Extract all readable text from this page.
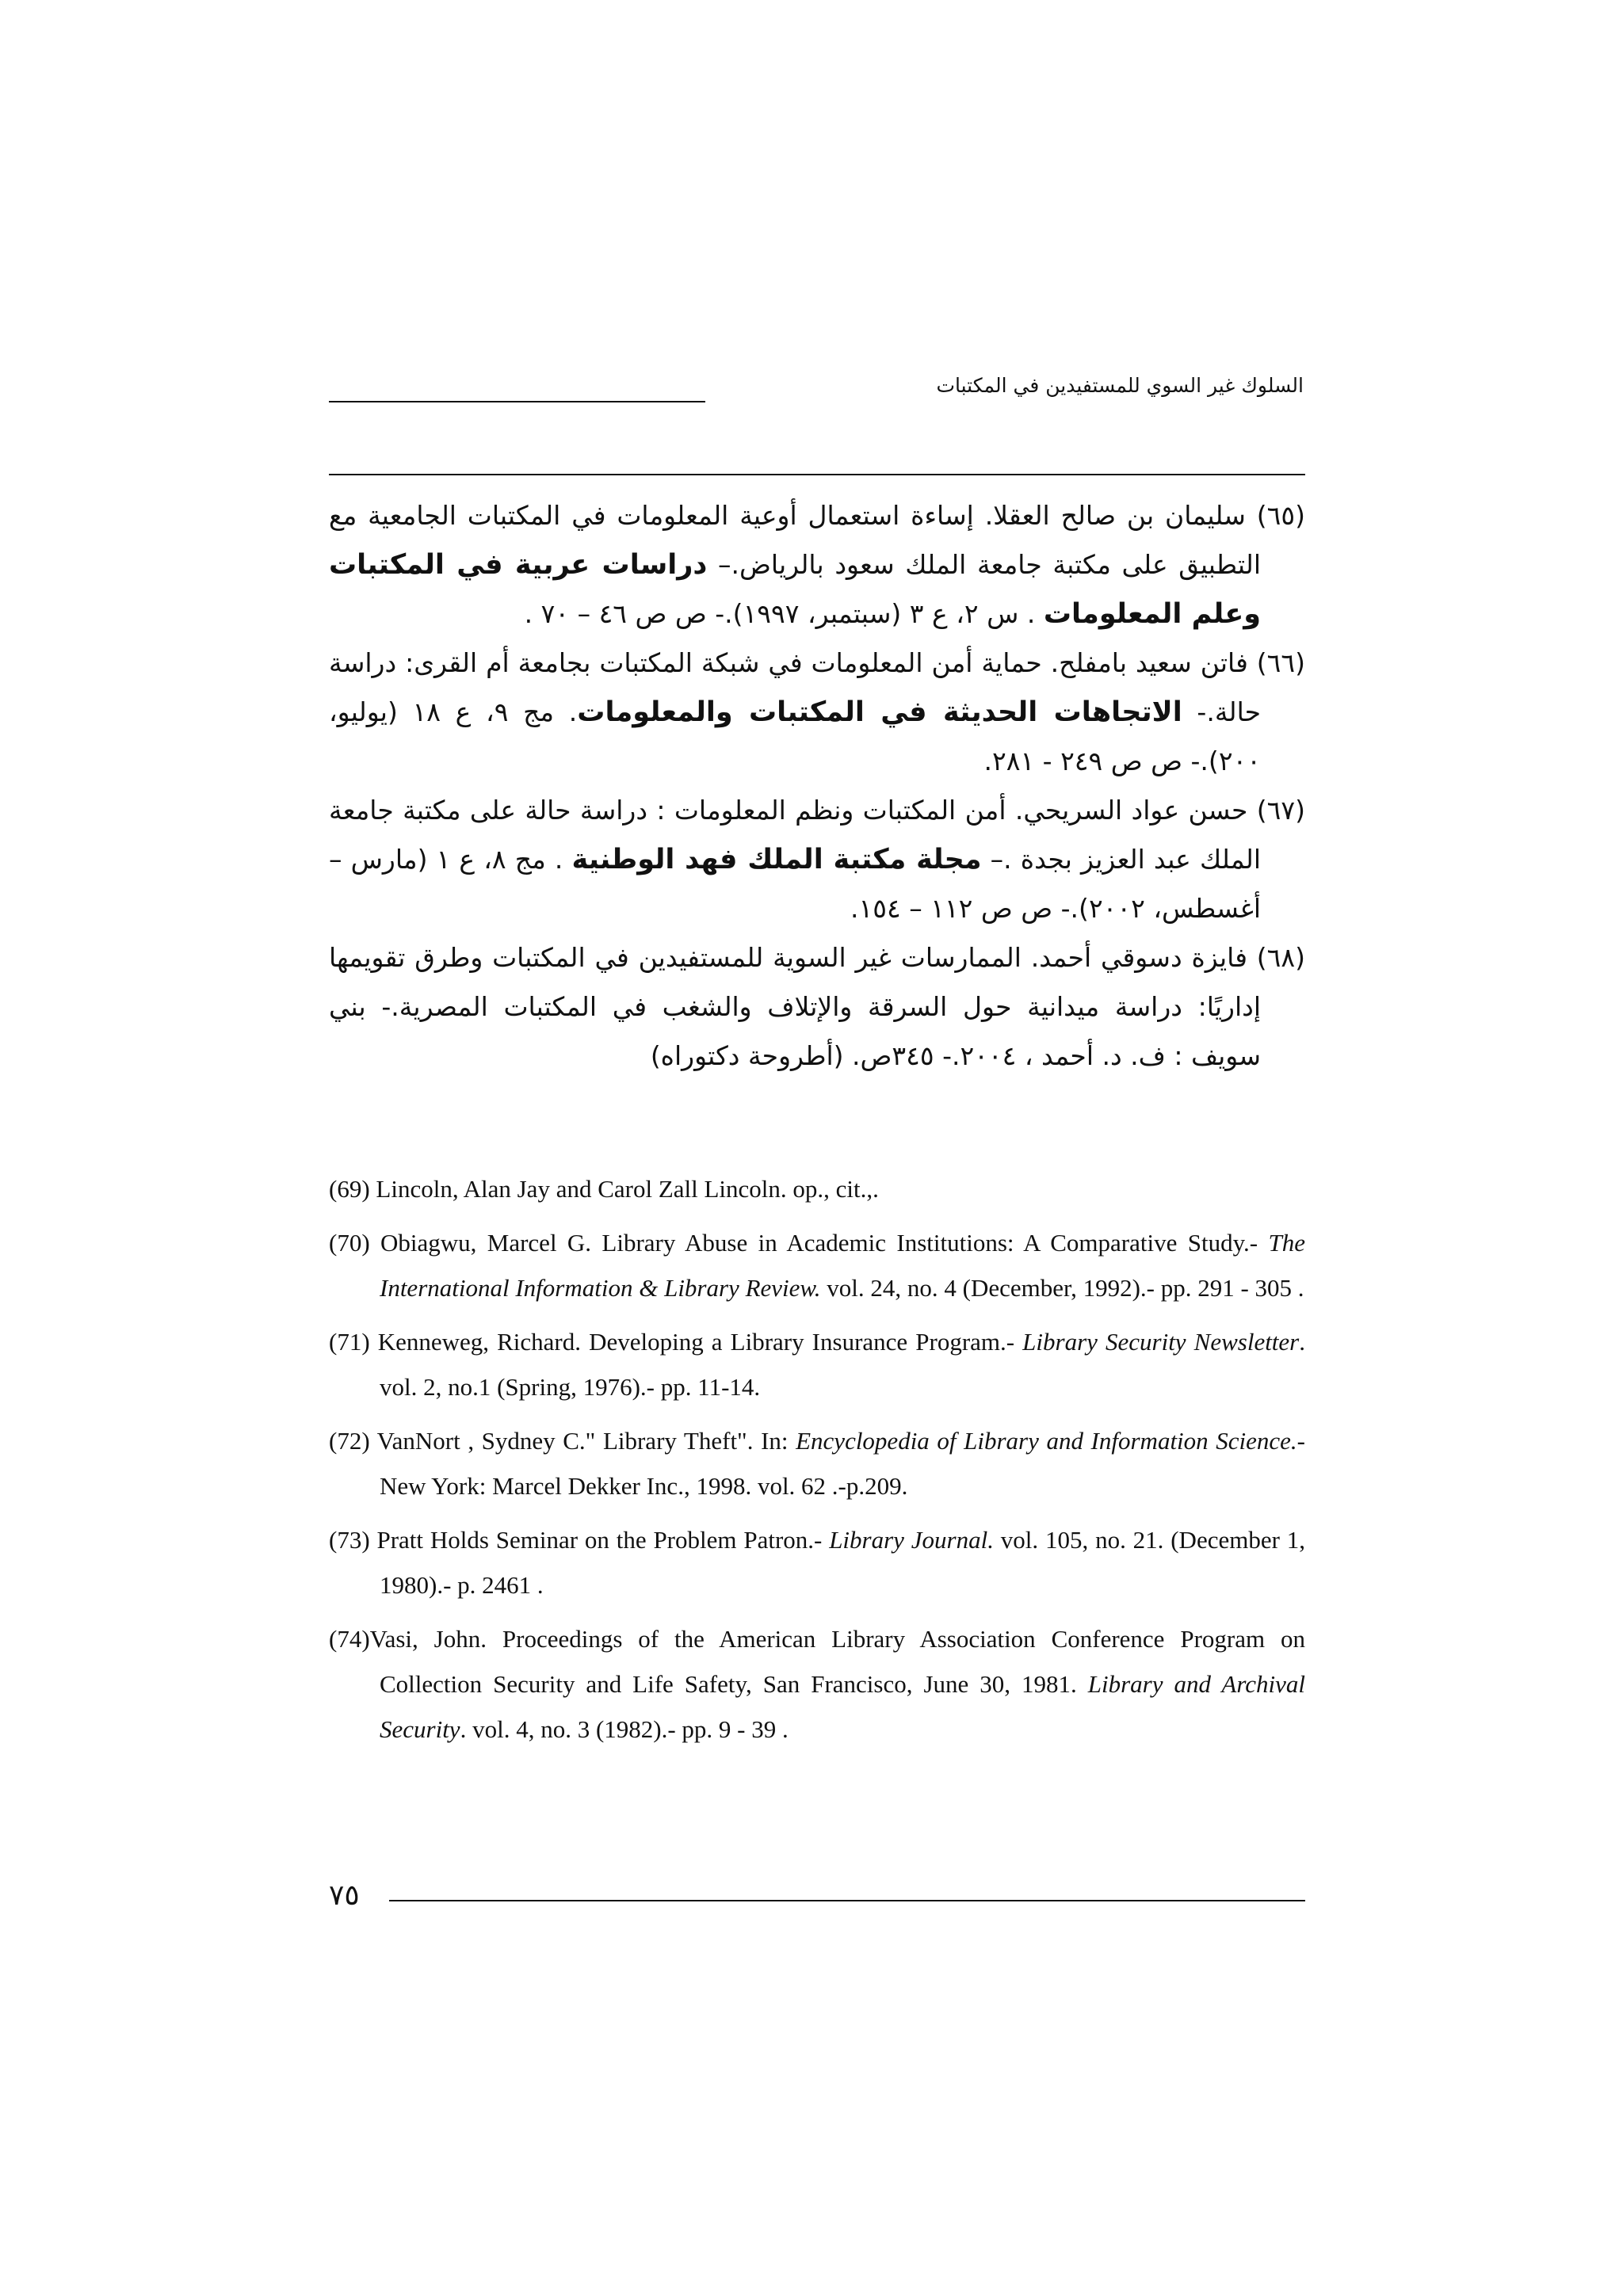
السلوك غير السوي للمستفيدين في المكتبات

(٦٥) سليمان بن صالح العقلا. إساءة استعمال أوعية المعلومات في المكتبات الجامعية مع التطبيق على مكتبة جامعة الملك سعود بالرياض.– دراسات عربية في المكتبات وعلم المعلومات . س ٢، ع ٣ (سبتمبر، ١٩٩٧).- ص ص ٤٦ – ٧٠ .

(٦٦) فاتن سعيد بامفلح. حماية أمن المعلومات في شبكة المكتبات بجامعة أم القرى: دراسة حالة.- الاتجاهات الحديثة في المكتبات والمعلومات. مج ٩، ع ١٨ (يوليو، ٢٠٠).- ص ص ٢٤٩ - ٢٨١.

(٦٧) حسن عواد السريحي. أمن المكتبات ونظم المعلومات : دراسة حالة على مكتبة جامعة الملك عبد العزيز بجدة .– مجلة مكتبة الملك فهد الوطنية . مج ٨، ع ١ (مارس – أغسطس، ٢٠٠٢).- ص ص ١١٢ – ١٥٤.

(٦٨) فايزة دسوقي أحمد. الممارسات غير السوية للمستفيدين في المكتبات وطرق تقويمها إداريًا: دراسة ميدانية حول السرقة والإتلاف والشغب في المكتبات المصرية.- بني سويف : ف. د. أحمد ، ٢٠٠٤.- ٣٤٥ص. (أطروحة دكتوراه)

(69) Lincoln, Alan Jay and Carol Zall Lincoln. op., cit.,.

(70) Obiagwu, Marcel G. Library Abuse in Academic Institutions: A Comparative Study.- The International Information & Library Review. vol. 24, no. 4 (December, 1992).- pp. 291 - 305 .

(71) Kenneweg, Richard. Developing a Library Insurance Program.- Library Security Newsletter. vol. 2, no.1 (Spring, 1976).- pp. 11-14.

(72) VanNort , Sydney C." Library Theft". In: Encyclopedia of Library and Information Science.- New York: Marcel Dekker Inc., 1998. vol. 62 .-p.209.

(73) Pratt Holds Seminar on the Problem Patron.- Library Journal. vol. 105, no. 21. (December 1, 1980).- p. 2461 .

(74)Vasi, John. Proceedings of the American Library Association Conference Program on Collection Security and Life Safety, San Francisco, June 30, 1981. Library and Archival Security. vol. 4, no. 3 (1982).- pp. 9 - 39 .

٧٥
